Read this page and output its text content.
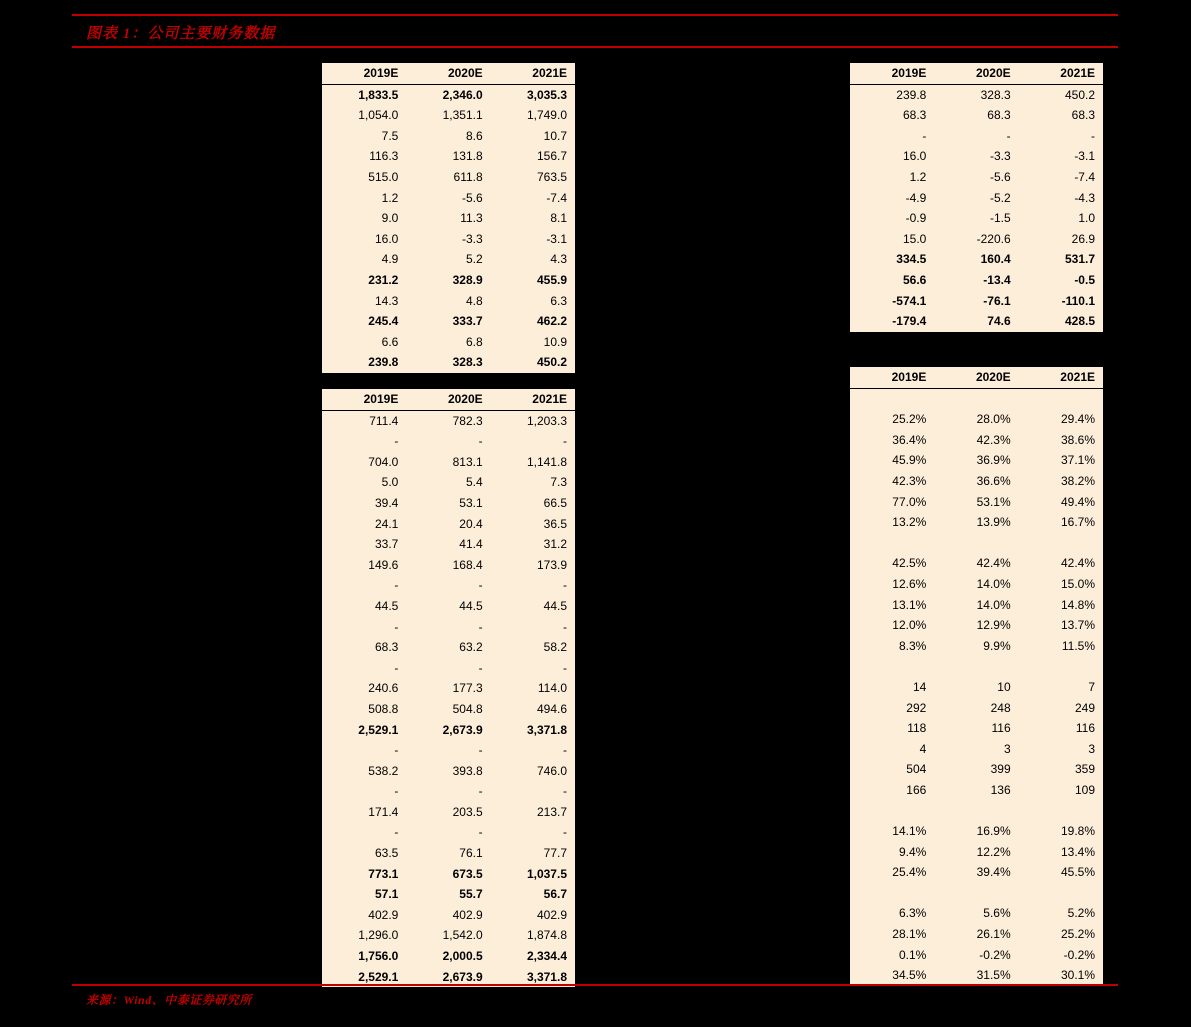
图表 1：公司主要财务数据
2019E	2020E	2021E
1,833.5	2,346.0	3,035.3
1,054.0	1,351.1	1,749.0
7.5	8.6	10.7
116.3	131.8	156.7
515.0	611.8	763.5
1.2	-5.6	-7.4
9.0	11.3	8.1
16.0	-3.3	-3.1
4.9	5.2	4.3
231.2	328.9	455.9
14.3	4.8	6.3
245.4	333.7	462.2
6.6	6.8	10.9
239.8	328.3	450.2
2019E	2020E	2021E
711.4	782.3	1,203.3
-	-	-
704.0	813.1	1,141.8
5.0	5.4	7.3
39.4	53.1	66.5
24.1	20.4	36.5
33.7	41.4	31.2
149.6	168.4	173.9
-	-	-
44.5	44.5	44.5
-	-	-
68.3	63.2	58.2
-	-	-
240.6	177.3	114.0
508.8	504.8	494.6
2,529.1	2,673.9	3,371.8
-	-	-
538.2	393.8	746.0
-	-	-
171.4	203.5	213.7
-	-	-
63.5	76.1	77.7
773.1	673.5	1,037.5
57.1	55.7	56.7
402.9	402.9	402.9
1,296.0	1,542.0	1,874.8
1,756.0	2,000.5	2,334.4
2,529.1	2,673.9	3,371.8
2019E	2020E	2021E
239.8	328.3	450.2
68.3	68.3	68.3
-	-	-
16.0	-3.3	-3.1
1.2	-5.6	-7.4
-4.9	-5.2	-4.3
-0.9	-1.5	1.0
15.0	-220.6	26.9
334.5	160.4	531.7
56.6	-13.4	-0.5
-574.1	-76.1	-110.1
-179.4	74.6	428.5
2019E	2020E	2021E

25.2%	28.0%	29.4%
36.4%	42.3%	38.6%
45.9%	36.9%	37.1%
42.3%	36.6%	38.2%
77.0%	53.1%	49.4%
13.2%	13.9%	16.7%

42.5%	42.4%	42.4%
12.6%	14.0%	15.0%
13.1%	14.0%	14.8%
12.0%	12.9%	13.7%
8.3%	9.9%	11.5%

14	10	7
292	248	249
118	116	116
4	3	3
504	399	359
166	136	109

14.1%	16.9%	19.8%
9.4%	12.2%	13.4%
25.4%	39.4%	45.5%

6.3%	5.6%	5.2%
28.1%	26.1%	25.2%
0.1%	-0.2%	-0.2%
34.5%	31.5%	30.1%
来源：Wind、中泰证券研究所
